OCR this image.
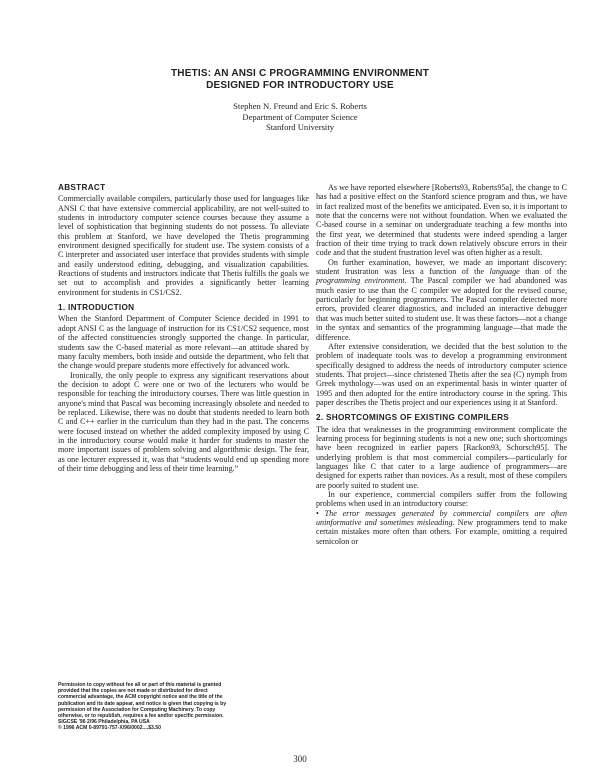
THETIS: AN ANSI C PROGRAMMING ENVIRONMENT
DESIGNED FOR INTRODUCTORY USE
Stephen N. Freund and Eric S. Roberts
Department of Computer Science
Stanford University
ABSTRACT

Commercially available compilers, particularly those used for languages like ANSI C that have extensive commercial applicability, are not well-suited to students in introductory computer science courses because they assume a level of sophistication that beginning students do not possess. To alleviate this problem at Stanford, we have developed the Thetis programming environment designed specifically for student use. The system consists of a C interpreter and associated user interface that provides students with simple and easily understood editing, debugging, and visualization capabilities. Reactions of students and instructors indicate that Thetis fulfills the goals we set out to accomplish and provides a significantly better learning environment for students in CS1/CS2.

1. INTRODUCTION

When the Stanford Department of Computer Science decided in 1991 to adopt ANSI C as the language of instruction for its CS1/CS2 sequence, most of the affected constituencies strongly supported the change. In particular, students saw the C-based material as more relevant—an attitude shared by many faculty members, both inside and outside the department, who felt that the change would prepare students more effectively for advanced work.

Ironically, the only people to express any significant reservations about the decision to adopt C were one or two of the lecturers who would be responsible for teaching the introductory courses. There was little question in anyone's mind that Pascal was becoming increasingly obsolete and needed to be replaced. Likewise, there was no doubt that students needed to learn both C and C++ earlier in the curriculum than they had in the past. The concerns were focused instead on whether the added complexity imposed by using C in the introductory course would make it harder for students to master the more important issues of problem solving and algorithmic design. The fear, as one lecturer expressed it, was that “students would end up spending more of their time debugging and less of their time learning.”

As we have reported elsewhere [Roberts93, Roberts95a], the change to C has had a positive effect on the Stanford science program and thus, we have in fact realized most of the benefits we anticipated. Even so, it is important to note that the concerns were not without foundation. When we evaluated the C-based course in a seminar on undergraduate teaching a few months into the first year, we determined that students were indeed spending a larger fraction of their time trying to track down relatively obscure errors in their code and that the student frustration level was often higher as a result.

On further examination, however, we made an important discovery: student frustration was less a function of the language than of the programming environment. The Pascal compiler we had abandoned was much easier to use than the C compiler we adopted for the revised course, particularly for beginning programmers. The Pascal compiler detected more errors, provided clearer diagnostics, and included an interactive debugger that was much better suited to student use. It was these factors—not a change in the syntax and semantics of the programming language—that made the difference.

After extensive consideration, we decided that the best solution to the problem of inadequate tools was to develop a programming environment specifically designed to address the needs of introductory computer science students. That project—since christened Thetis after the sea (C) nymph from Greek mythology—was used on an experimental basis in winter quarter of 1995 and then adopted for the entire introductory course in the spring. This paper describes the Thetis project and our experiences using it at Stanford.

2. SHORTCOMINGS OF EXISTING COMPILERS

The idea that weaknesses in the programming environment complicate the learning process for beginning students is not a new one; such shortcomings have been recognized in earlier papers [Rackon93, Schorsch95]. The underlying problem is that most commercial compilers—particularly for languages like C that cater to a large audience of programmers—are designed for experts rather than novices. As a result, most of these compilers are poorly suited to student use.

In our experience, commercial compilers suffer from the following problems when used in an introductory course:

• The error messages generated by commercial compilers are often uninformative and sometimes misleading. New programmers tend to make certain mistakes more often than others. For example, omitting a required semicolon or

Permission to copy without fee all or part of this material is granted
provided that the copies are not made or distributed for direct
commercial advantage, the ACM copyright notice and the title of the
publication and its date appear, and notice is given that copying is by
permission of the Association for Computing Machinery. To copy
otherwise, or to republish, requires a fee and/or specific permission.
SIGCSE '96 2/96 Philadelphia, PA USA
© 1996 ACM 0-89791-757-X/96/0002....$3.50
300
